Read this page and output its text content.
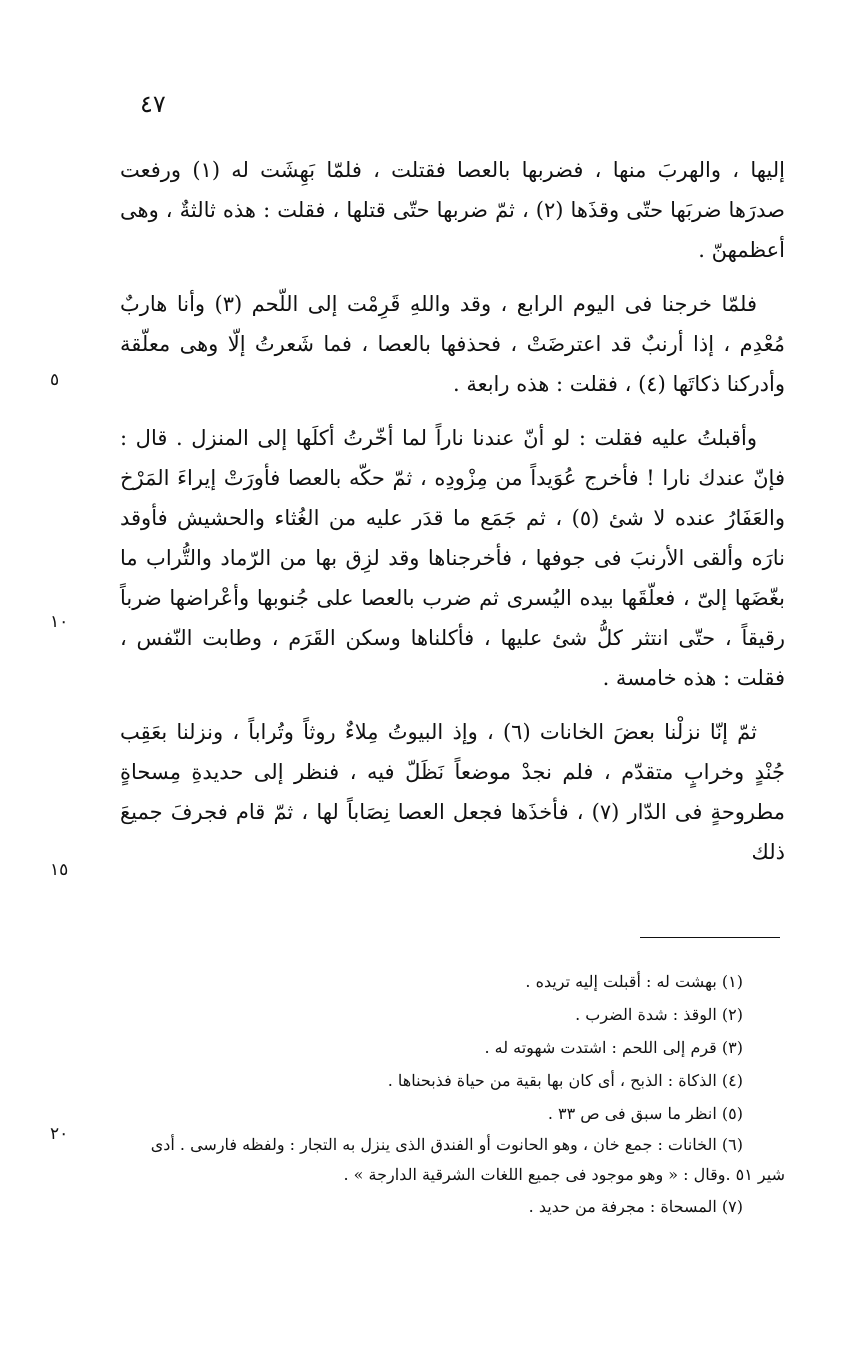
٤٧

إليها ، والهربَ منها ، فضربها بالعصا فقتلت ، فلمّا بَهِشَت له (١) ورفعت صدرَها ضربَها حتّى وقذَها (٢) ، ثمّ ضربها حتّى قتلها ، فقلت : هذه ثالثةٌ ، وهى أعظمهنّ .

فلمّا خرجنا فى اليوم الرابع ، وقد واللهِ قَرِمْت إلى اللّحم (٣) وأنا هاربٌ مُعْدِم ، إذا أرنبٌ قد اعترضَتْ ، فحذفها بالعصا ، فما شَعرتُ إلّا وهى معلّقة وأدركنا ذكاتَها (٤) ، فقلت : هذه رابعة .

وأقبلتُ عليه فقلت : لو أنّ عندنا ناراً لما أخّرتُ أكلَها إلى المنزل . قال : فإنّ عندك نارا ! فأخرج عُوَيداً من مِزْودِه ، ثمّ حكّه بالعصا فأورَتْ إيراءَ المَرْخ والعَفَارُ عنده لا شئ (٥) ، ثم جَمَع ما قدَر عليه من الغُثاء والحشيش فأوقد نارَه وألقى الأرنبَ فى جوفها ، فأخرجناها وقد لزِق بها من الرّماد والتُّراب ما بغّضَها إلىّ ، فعلّقَها بيده اليُسرى ثم ضرب بالعصا على جُنوبها وأعْراضها ضرباً رقيقاً ، حتّى انتثر كلُّ شئ عليها ، فأكلناها وسكن القَرَم ، وطابت النّفس ، فقلت : هذه خامسة .

ثمّ إنّا نزلْنا بعضَ الخانات (٦) ، وإذ البيوتُ مِلاءٌ روثاً وتُراباً ، ونزلنا بعَقِب جُنْدٍ وخرابٍ متقدّم ، فلم نجدْ موضعاً نَظَلّ فيه ، فنظر إلى حديدةِ مِسحاةٍ مطروحةٍ فى الدّار (٧) ، فأخذَها فجعل العصا نِصَاباً لها ، ثمّ قام فجرفَ جميعَ ذلك

٥
١٠
١٥
٢٠
(١) بهشت له : أقبلت إليه تريده .
(٢) الوقذ : شدة الضرب .
(٣) قرم إلى اللحم : اشتدت شهوته له .
(٤) الذكاة : الذبح ، أى كان بها بقية من حياة فذبحناها .
(٥) انظر ما سبق فى ص ٣٣ .
(٦) الخانات : جمع خان ، وهو الحانوت أو الفندق الذى ينزل به التجار : ولفظه فارسى . أدى شير ٥١ .وقال : « وهو موجود فى جميع اللغات الشرقية الدارجة » .
(٧) المسحاة : مجرفة من حديد .
